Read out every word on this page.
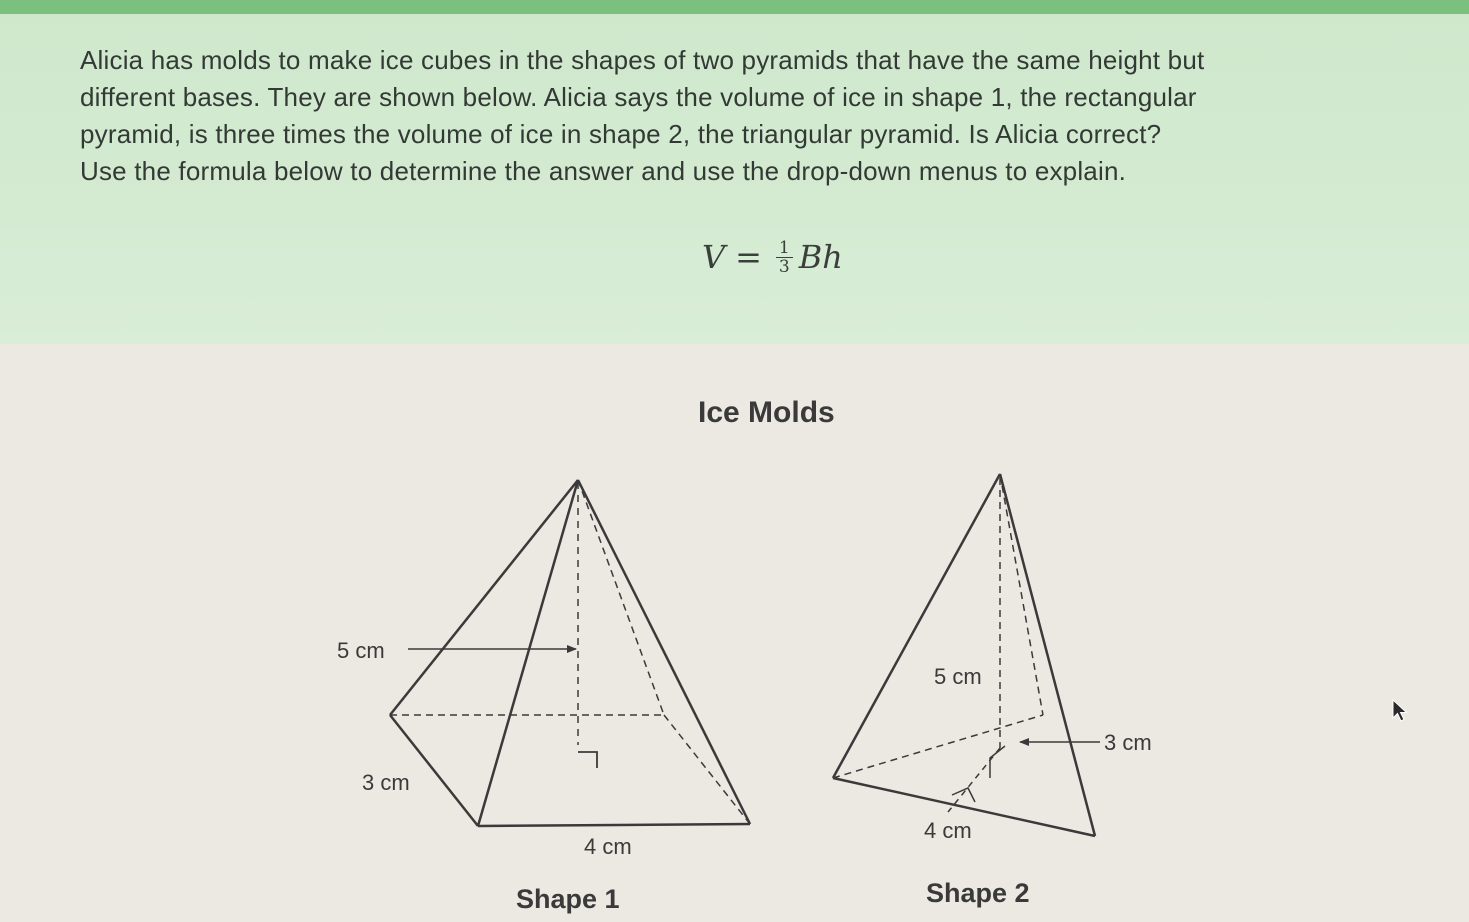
Alicia has molds to make ice cubes in the shapes of two pyramids that have the same height but
different bases. They are shown below. Alicia says the volume of ice in shape 1, the rectangular
pyramid, is three times the volume of ice in shape 2, the triangular pyramid. Is Alicia correct?
Use the formula below to determine the answer and use the drop-down menus to explain.

$V = \frac{1}{3}$ Bh
Ice Molds
5 cm
3 cm
4 cm
5 cm
3 cm
4 cm
Shape 1	Shape 2
